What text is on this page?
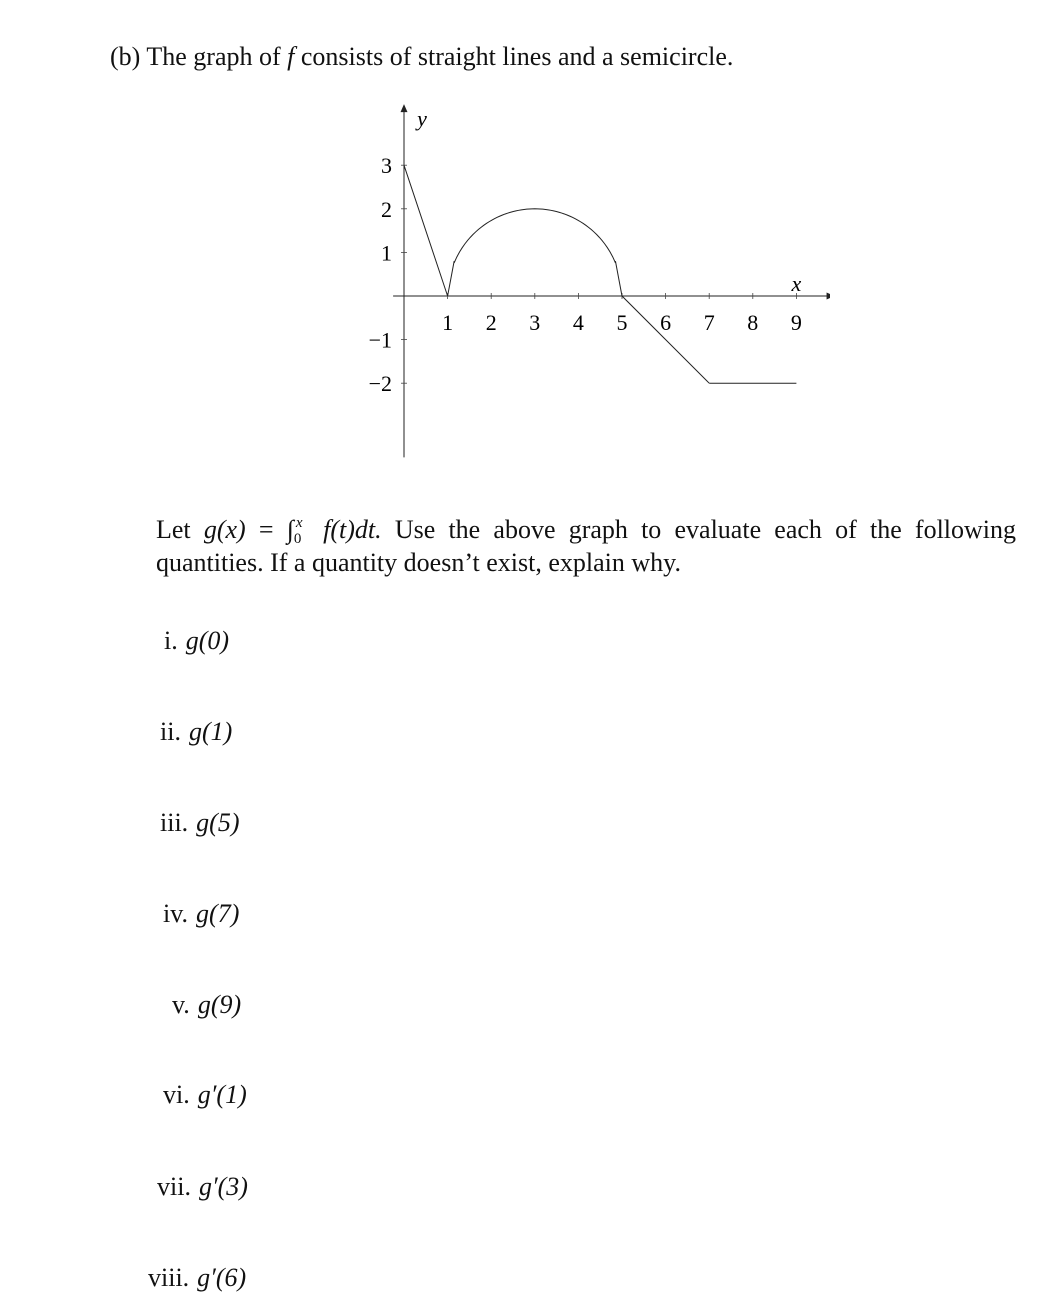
(b) The graph of f consists of straight lines and a semicircle.
x
y
1 2 3 4 5 6 7 8 9
3
2
1
−1
−2
Let g(x) = ∫ x
0 f(t)dt. Use the above graph to evaluate each of the following
quantities. If a quantity doesn’t exist, explain why.
i. g(0)
ii. g(1)
iii. g(5)
iv. g(7)
v. g(9)
vi. g′(1)
vii. g′(3)
viii. g′(6)
